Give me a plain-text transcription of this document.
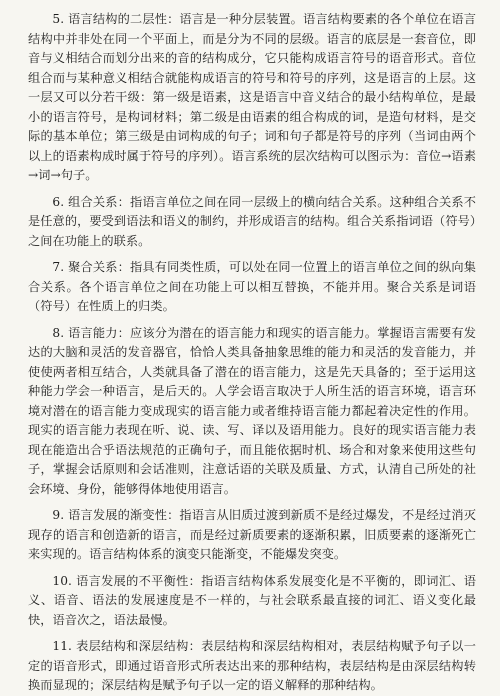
5. 语言结构的二层性：语言是一种分层装置。语言结构要素的各个单位在语言结构中并非处在同一个平面上，而是分为不同的层级。语言的底层是一套音位，即音与义相结合而划分出来的音的结构成分，它只能构成语言符号的语音形式。音位组合而与某种意义相结合就能构成语言的符号和符号的序列，这是语言的上层。这一层又可以分若干级：第一级是语素，这是语言中音义结合的最小结构单位，是最小的语言符号，是构词材料；第二级是由语素的组合构成的词，是造句材料，是交际的基本单位；第三级是由词构成的句子；词和句子都是符号的序列（当词由两个以上的语素构成时属于符号的序列）。语言系统的层次结构可以图示为：音位→语素→词→句子。

6. 组合关系：指语言单位之间在同一层级上的横向结合关系。这种组合关系不是任意的，要受到语法和语义的制约，并形成语言的结构。组合关系指词语（符号）之间在功能上的联系。

7. 聚合关系：指具有同类性质，可以处在同一位置上的语言单位之间的纵向集合关系。各个语言单位之间在功能上可以相互替换，不能并用。聚合关系是词语（符号）在性质上的归类。

8. 语言能力：应该分为潜在的语言能力和现实的语言能力。掌握语言需要有发达的大脑和灵活的发音器官，恰恰人类具备抽象思维的能力和灵活的发音能力，并使使两者相互结合，人类就具备了潜在的语言能力，这是先天具备的；至于运用这种能力学会一种语言，是后天的。人学会语言取决于人所生活的语言环境，语言环境对潜在的语言能力变成现实的语言能力或者维持语言能力都起着决定性的作用。现实的语言能力表现在听、说、读、写、译以及语用能力。良好的现实语言能力表现在能造出合乎语法规范的正确句子，而且能依据时机、场合和对象来使用这些句子，掌握会话原则和会话准则，注意话语的关联及质量、方式，认清自己所处的社会环境、身份，能够得体地使用语言。

9. 语言发展的渐变性：指语言从旧质过渡到新质不是经过爆发，不是经过消灭现存的语言和创造新的语言，而是经过新质要素的逐渐积累，旧质要素的逐渐死亡来实现的。语言结构体系的演变只能渐变，不能爆发突变。

10. 语言发展的不平衡性：指语言结构体系发展变化是不平衡的，即词汇、语义、语音、语法的发展速度是不一样的，与社会联系最直接的词汇、语义变化最快，语音次之，语法最慢。

11. 表层结构和深层结构：表层结构和深层结构相对，表层结构赋予句子以一定的语音形式，即通过语音形式所表达出来的那种结构，表层结构是由深层结构转换而显现的；深层结构是赋予句子以一定的语义解释的那种结构。
